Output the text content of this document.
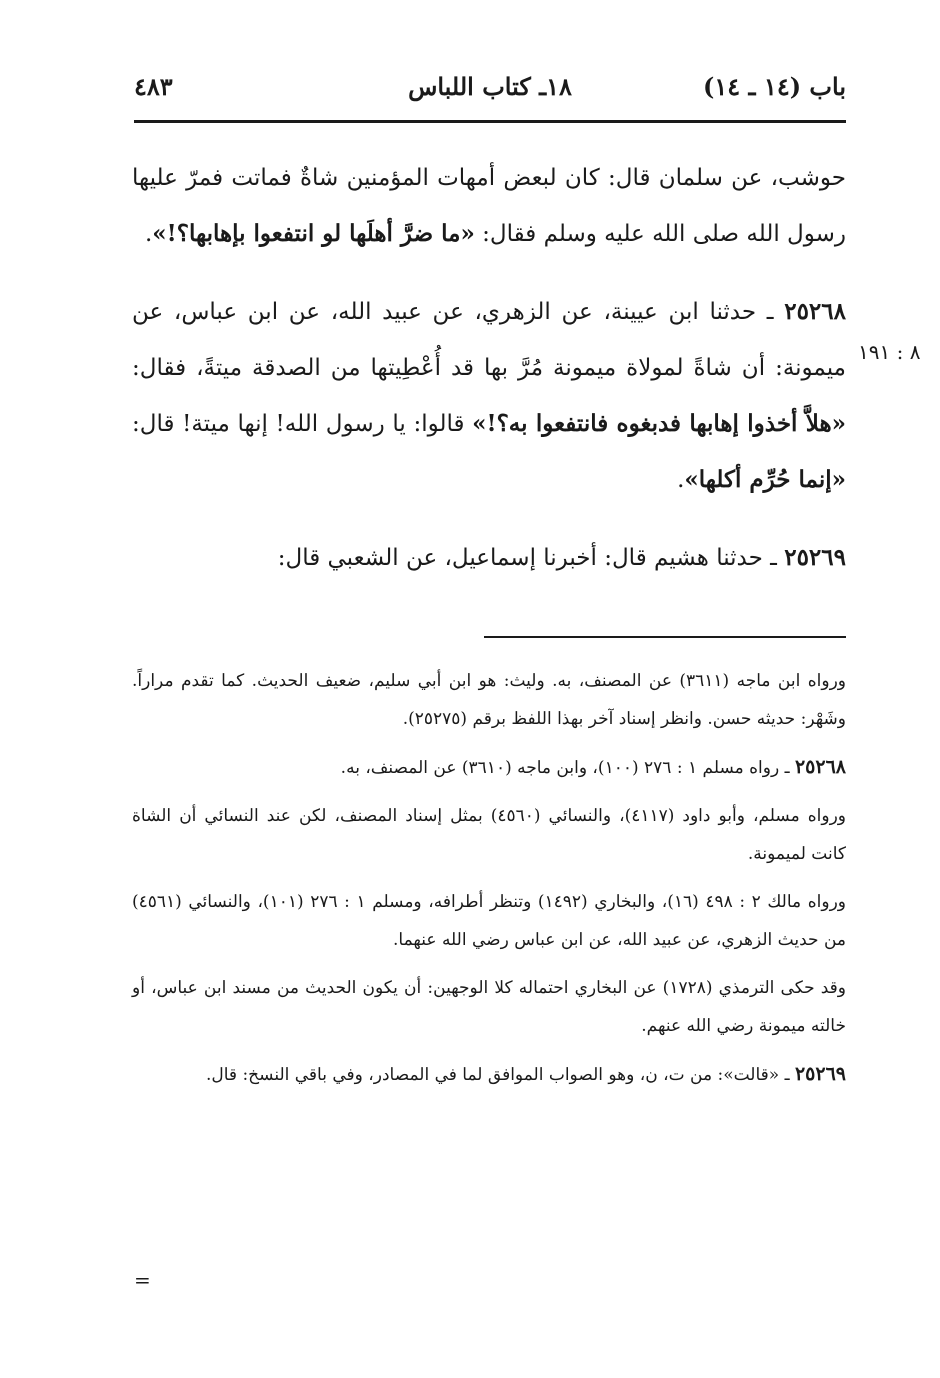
باب (١٤ ـ ١٤)
١٨ـ كتاب اللباس
٤٨٣
٨ : ١٩١

حوشب، عن سلمان قال: كان لبعض أمهات المؤمنين شاةٌ فماتت فمرّ عليها رسول الله صلى الله عليه وسلم فقال: «ما ضرَّ أهلَها لو انتفعوا بإهابها؟!».

٢٥٢٦٨ ـ حدثنا ابن عيينة، عن الزهري، عن عبيد الله، عن ابن عباس، عن ميمونة: أن شاةً لمولاة ميمونة مُرَّ بها قد أُعْطِيتها من الصدقة ميتةً، فقال: «هلاَّ أخذوا إهابها فدبغوه فانتفعوا به؟!» قالوا: يا رسول الله! إنها ميتة! قال: «إنما حُرِّم أكلها».

٢٥٢٦٩ ـ حدثنا هشيم قال: أخبرنا إسماعيل، عن الشعبي قال:

ورواه ابن ماجه (٣٦١١) عن المصنف، به. وليث: هو ابن أبي سليم، ضعيف الحديث. كما تقدم مراراً. وشَهْر: حديثه حسن. وانظر إسناد آخر بهذا اللفظ برقم (٢٥٢٧٥).

٢٥٢٦٨ ـ رواه مسلم ١ : ٢٧٦ (١٠٠)، وابن ماجه (٣٦١٠) عن المصنف، به.

ورواه مسلم، وأبو داود (٤١١٧)، والنسائي (٤٥٦٠) بمثل إسناد المصنف، لكن عند النسائي أن الشاة كانت لميمونة.

ورواه مالك ٢ : ٤٩٨ (١٦)، والبخاري (١٤٩٢) وتنظر أطرافه، ومسلم ١ : ٢٧٦ (١٠١)، والنسائي (٤٥٦١) من حديث الزهري، عن عبيد الله، عن ابن عباس رضي الله عنهما.

وقد حكى الترمذي (١٧٢٨) عن البخاري احتماله كلا الوجهين: أن يكون الحديث من مسند ابن عباس، أو خالته ميمونة رضي الله عنهم.

٢٥٢٦٩ ـ «قالت»: من ت، ن، وهو الصواب الموافق لما في المصادر، وفي باقي النسخ: قال.

=
